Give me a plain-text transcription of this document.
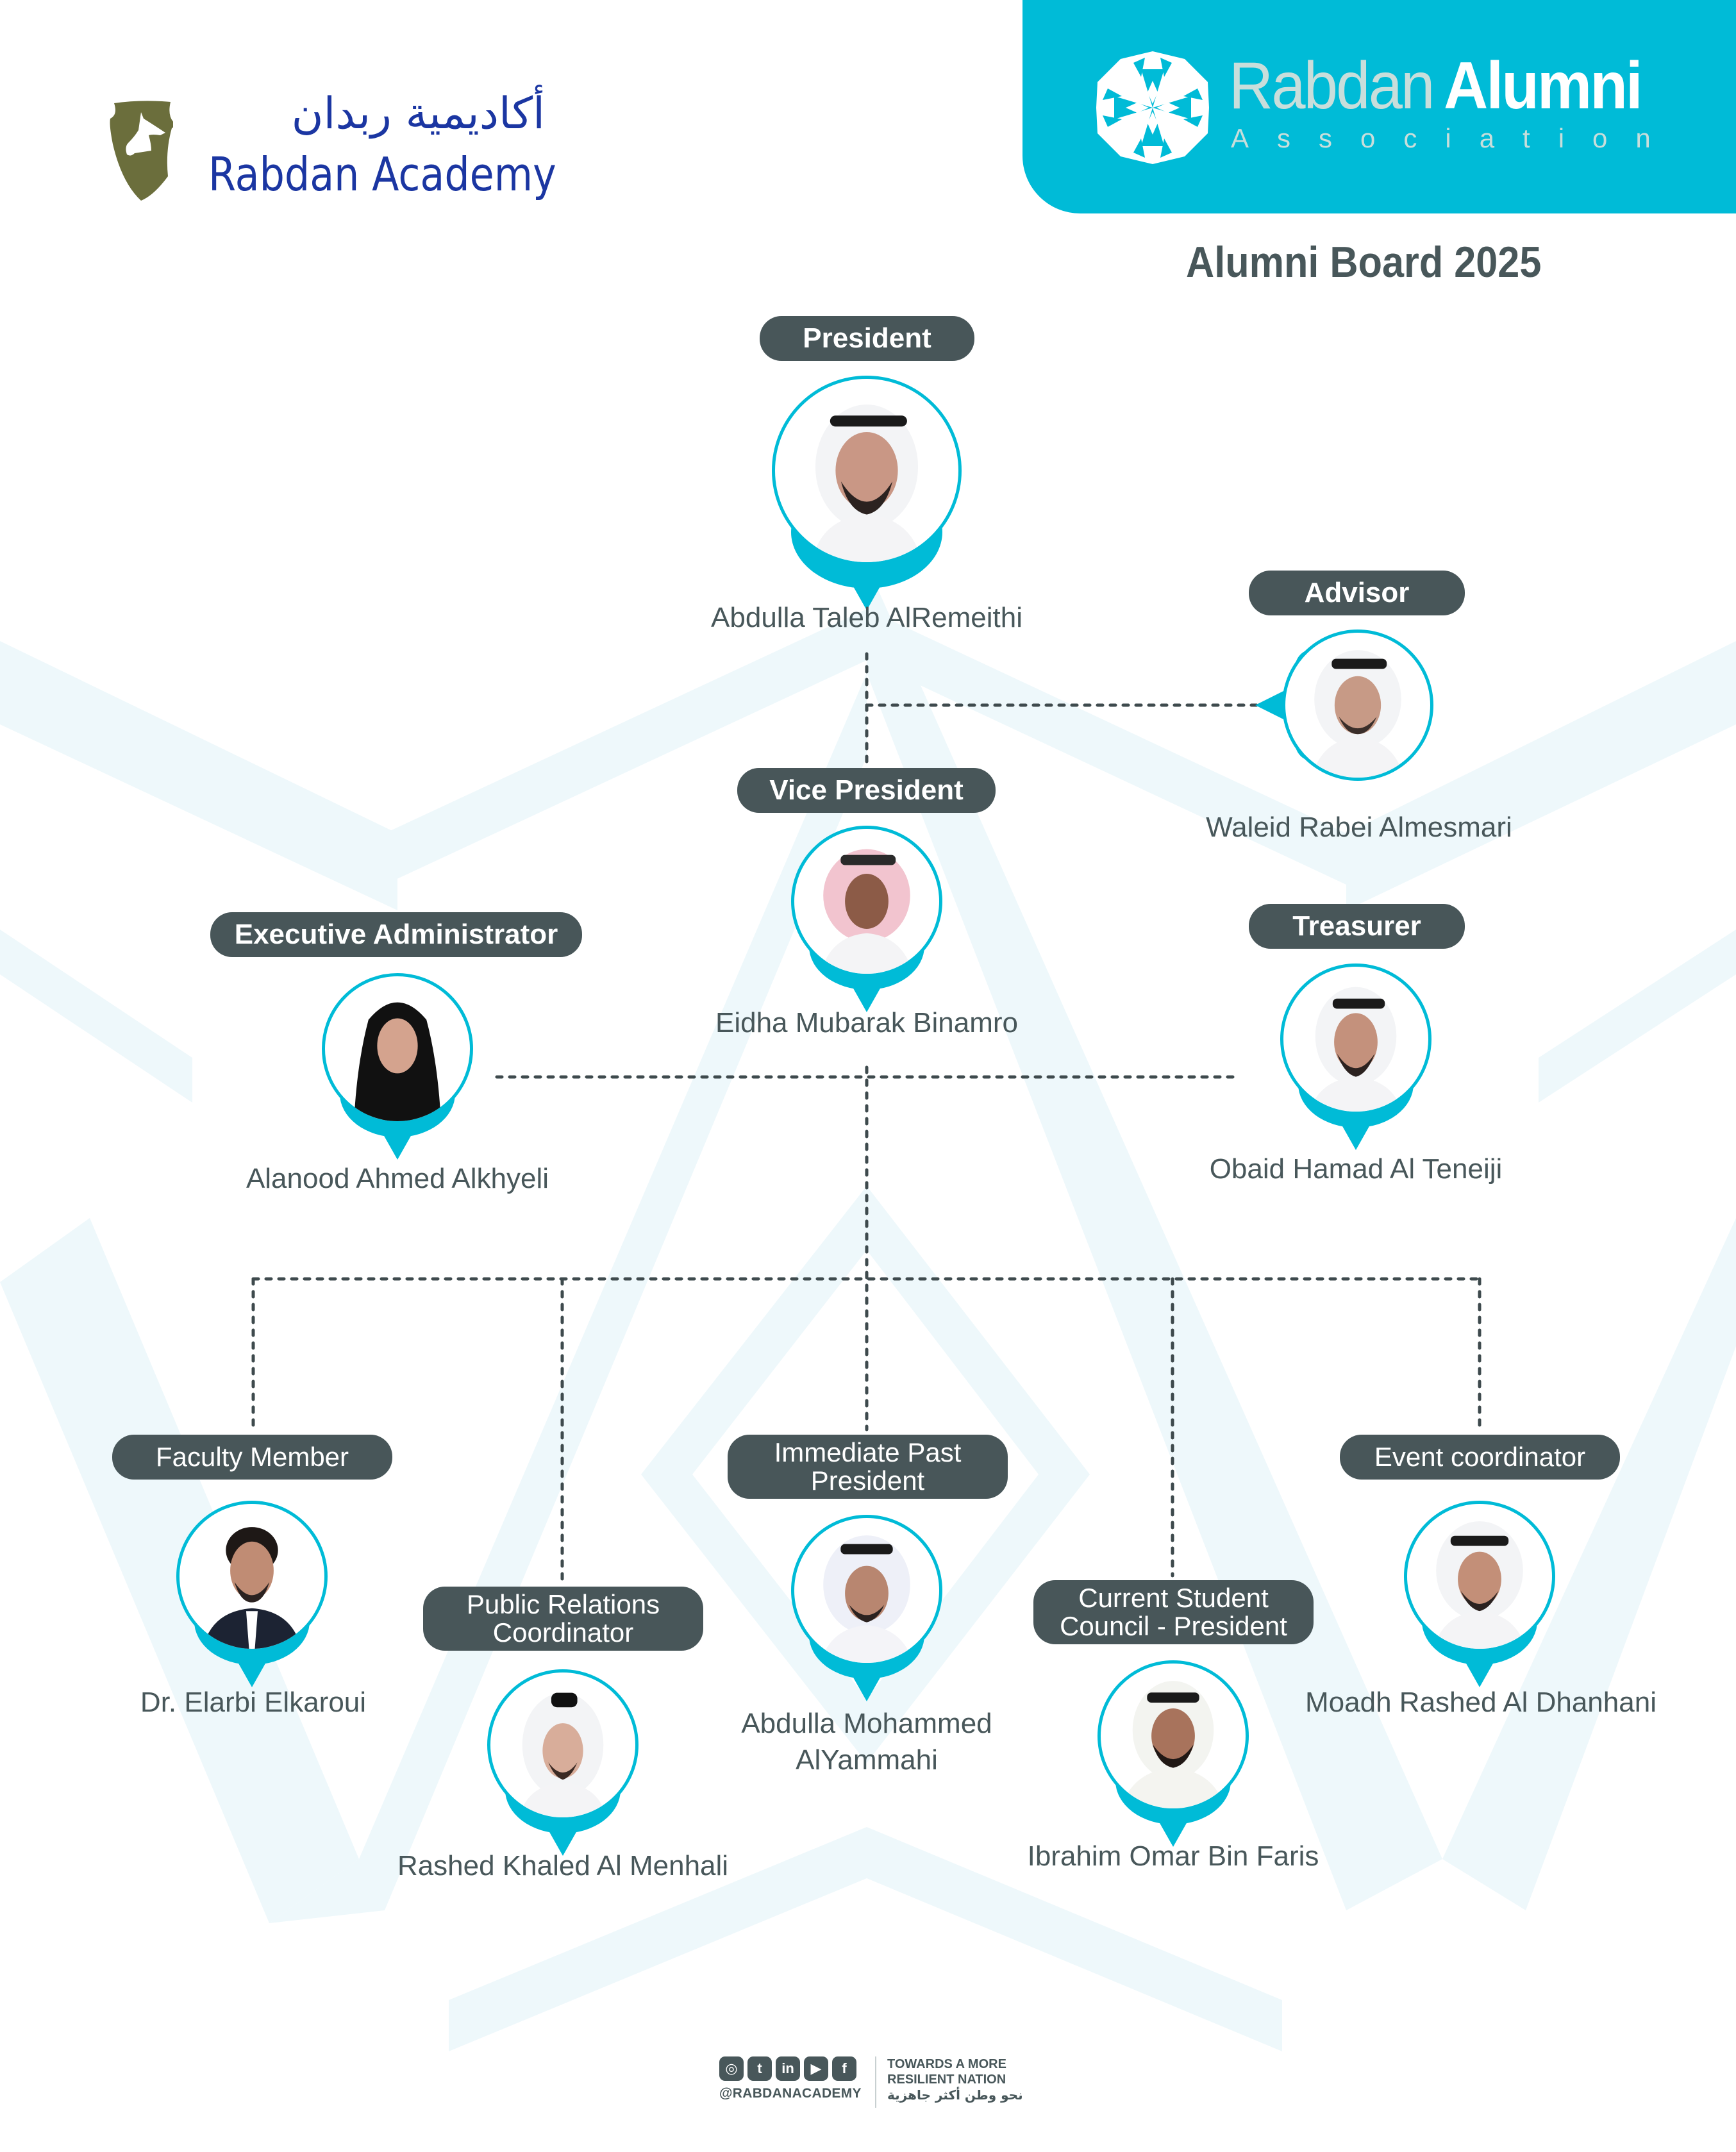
أكاديمية ربدان
Rabdan Academy
Rabdan Alumni
Association
Alumni Board 2025
President
Abdulla Taleb AlRemeithi
Advisor
Waleid Rabei Almesmari
Vice President
Eidha Mubarak Binamro
Executive Administrator
Alanood Ahmed Alkhyeli
Treasurer
Obaid Hamad Al Teneiji
Faculty Member
Dr. Elarbi Elkaroui
Public Relations
Coordinator
Rashed Khaled Al Menhali
Immediate Past
President
Abdulla Mohammed
AlYammahi
Current Student
Council - President
Ibrahim Omar Bin Faris
Event coordinator
Moadh Rashed Al Dhanhani
◎	t	in	▶	f
@RABDANACADEMY
TOWARDS A MORE
RESILIENT NATION
نحو وطن أكثر جاهزية
